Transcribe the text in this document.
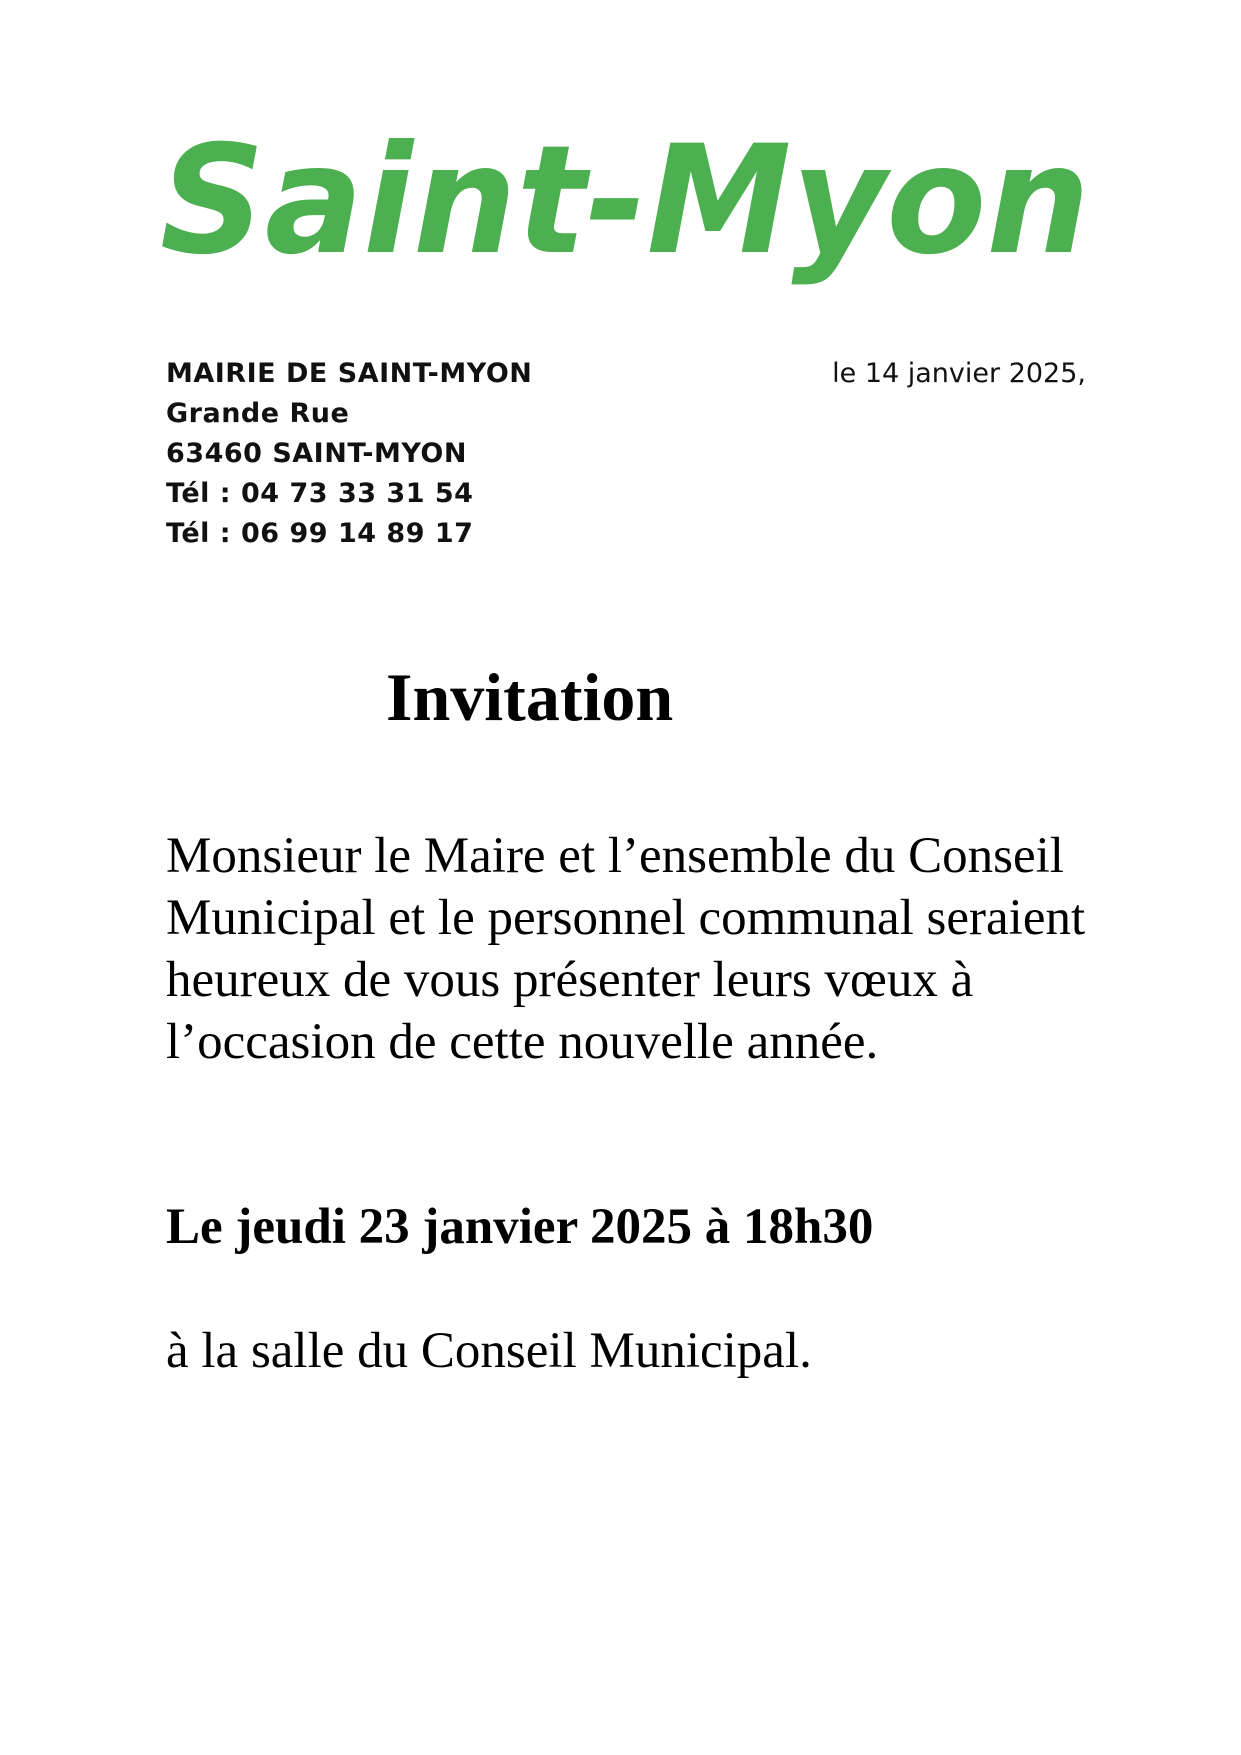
Saint-Myon
MAIRIE DE SAINT-MYON
Grande Rue
63460 SAINT-MYON
Tél : 04 73 33 31 54
Tél : 06 99 14 89 17
le 14 janvier 2025,
Invitation

Monsieur le Maire et l’ensemble du Conseil Municipal et le personnel communal seraient heureux de vous présenter leurs vœux à l’occasion de cette nouvelle année.

Le jeudi 23 janvier 2025 à 18h30
à la salle du Conseil Municipal.
